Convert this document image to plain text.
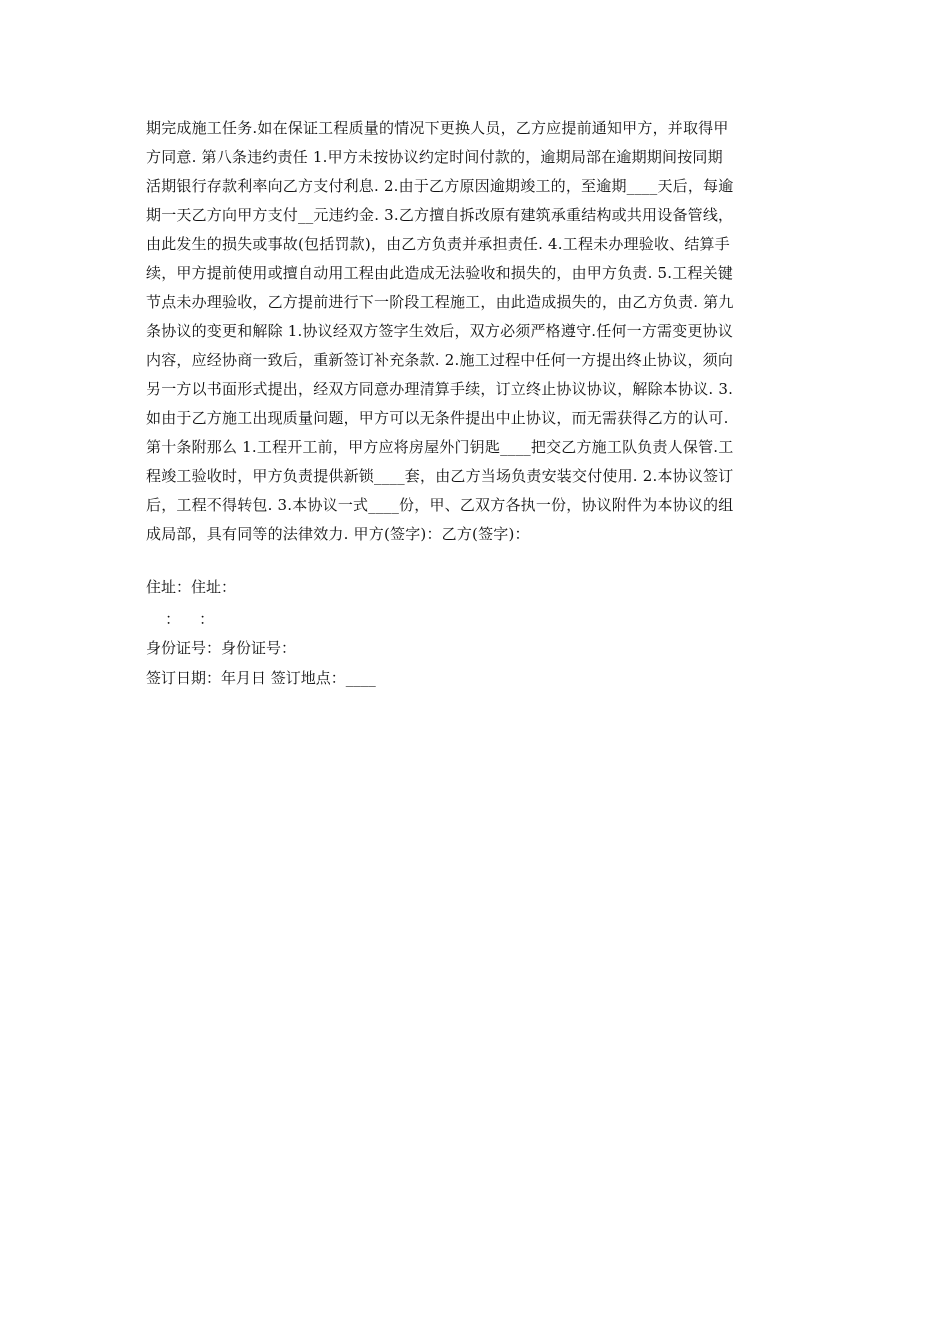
期完成施工任务.如在保证工程质量的情况下更换人员，乙方应提前通知甲方，并取得甲
方同意. 第八条违约责任 1.甲方未按协议约定时间付款的，逾期局部在逾期期间按同期
活期银行存款利率向乙方支付利息. 2.由于乙方原因逾期竣工的，至逾期____天后，每逾
期一天乙方向甲方支付__元违约金. 3.乙方擅自拆改原有建筑承重结构或共用设备管线，
由此发生的损失或事故(包括罚款)，由乙方负责并承担责任. 4.工程未办理验收、结算手
续，甲方提前使用或擅自动用工程由此造成无法验收和损失的，由甲方负责. 5.工程关键
节点未办理验收，乙方提前进行下一阶段工程施工，由此造成损失的，由乙方负责. 第九
条协议的变更和解除 1.协议经双方签字生效后，双方必须严格遵守.任何一方需变更协议
内容，应经协商一致后，重新签订补充条款. 2.施工过程中任何一方提出终止协议，须向
另一方以书面形式提出，经双方同意办理清算手续，订立终止协议协议，解除本协议. 3.
如由于乙方施工出现质量问题，甲方可以无条件提出中止协议，而无需获得乙方的认可.
第十条附那么 1.工程开工前，甲方应将房屋外门钥匙____把交乙方施工队负责人保管.工
程竣工验收时，甲方负责提供新锁____套，由乙方当场负责安装交付使用. 2.本协议签订
后，工程不得转包. 3.本协议一式____份，甲、乙双方各执一份，协议附件为本协议的组
成局部，具有同等的法律效力. 甲方(签字)：乙方(签字)：

住址：住址：

：    ：

身份证号：身份证号：

签订日期：年月日 签订地点：____
